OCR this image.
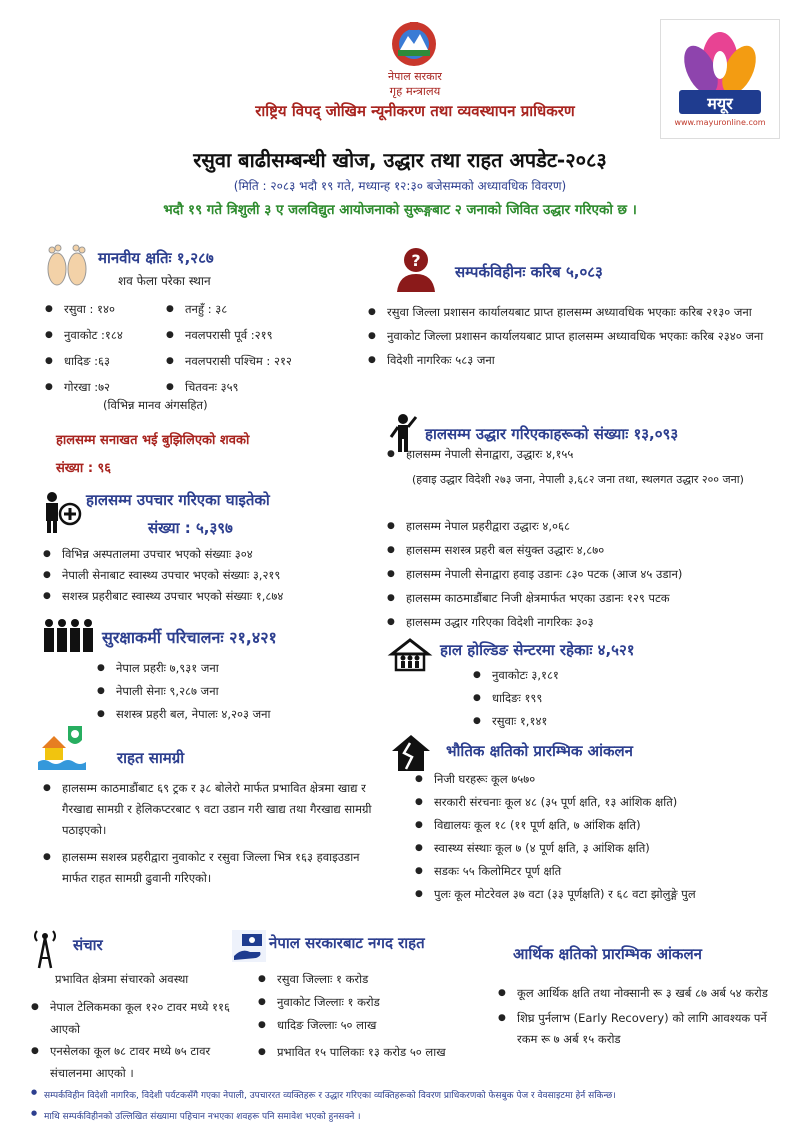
नेपाल सरकार
गृह मन्त्रालय
राष्ट्रिय विपद् जोखिम न्यूनीकरण तथा व्यवस्थापन प्राधिकरण	मयूर
www.mayuronline.com
रसुवा बाढीसम्बन्धी खोज, उद्धार तथा राहत अपडेट-२०८३
(मिति : २०८३ भदौ १९ गते, मध्यान्ह १२:३० बजेसम्मको अध्यावधिक विवरण)
भदौ १९ गते त्रिशुली ३ ए जलविद्युत आयोजनाको सुरूङ्गबाट २ जनाको जिवित उद्धार गरिएको छ ।
मानवीय क्षतिः १,२८७
शव फेला परेका स्थान
● रसुवा : १४०
● नुवाकोट :१८४
● धादिङ :६३
● गोरखा :७२
● तनहुँ : ३८
● नवलपरासी पूर्व :२१९
● नवलपरासी पश्चिम : २१२
● चितवनः ३५९
(विभिन्न मानव अंगसहित)
हालसम्म सनाखत भई बुझिलिएको शवको
संख्या : ९६
हालसम्म उपचार गरिएका घाइतेको
संख्या : ५,३९७
● विभिन्न अस्पतालमा उपचार भएको संख्याः ३०४
● नेपाली सेनाबाट स्वास्थ्य उपचार भएको संख्याः ३,२१९
● सशस्त्र प्रहरीबाट स्वास्थ्य उपचार भएको संख्याः १,८७४
सुरक्षाकर्मी परिचालनः २१,४२१
● नेपाल प्रहरीः ७,९३१ जना
● नेपाली सेनाः ९,२८७ जना
● सशस्त्र प्रहरी बल, नेपालः ४,२०३ जना
राहत सामग्री
● हालसम्म काठमाडौंबाट ६९ ट्रक र ३८ बोलेरो मार्फत प्रभावित क्षेत्रमा खाद्य र गैरखाद्य सामग्री र हेलिकप्टरबाट ९ वटा उडान गरी खाद्य तथा गैरखाद्य सामग्री पठाइएको।
● हालसम्म सशस्त्र प्रहरीद्वारा नुवाकोट र रसुवा जिल्ला भित्र १६३ हवाइउडान मार्फत राहत सामग्री ढुवानी गरिएको।
?
सम्पर्कविहीनः करिब ५,०८३
● रसुवा जिल्ला प्रशासन कार्यालयबाट प्राप्त हालसम्म अध्यावधिक भएकाः करिब २१३० जना
● नुवाकोट जिल्ला प्रशासन कार्यालयबाट प्राप्त हालसम्म अध्यावधिक भएकाः करिब २३४० जना
● विदेशी नागरिकः ५८३ जना
हालसम्म उद्धार गरिएकाहरूको संख्याः १३,०९३
● हालसम्म नेपाली सेनाद्वारा, उद्धारः ४,१५५
(हवाइ उद्धार विदेशी २७३ जना, नेपाली ३,६८२ जना तथा, स्थलगत उद्धार २०० जना)
● हालसम्म नेपाल प्रहरीद्वारा उद्धारः ४,०६८
● हालसम्म सशस्त्र प्रहरी बल संयुक्त उद्धारः ४,८७०
● हालसम्म नेपाली सेनाद्वारा हवाइ उडानः ८३० पटक (आज ४५ उडान)
● हालसम्म काठमाडौंबाट निजी क्षेत्रमार्फत भएका उडानः १२९ पटक
● हालसम्म उद्धार गरिएका विदेशी नागरिकः ३०३
हाल होल्डिङ सेन्टरमा रहेकाः ४,५२१
● नुवाकोटः ३,१८१
● धादिङः १९९
● रसुवाः १,१४१
भौतिक क्षतिको प्रारम्भिक आंकलन
● निजी घरहरूः कूल ७५७०
● सरकारी संरचनाः कूल ४८ (३५ पूर्ण क्षति, १३ आंशिक क्षति)
● विद्यालयः कूल १८ (११ पूर्ण क्षति, ७ आंशिक क्षति)
● स्वास्थ्य संस्थाः कूल ७ (४ पूर्ण क्षति, ३ आंशिक क्षति)
● सडकः ५५ किलोमिटर पूर्ण क्षति
● पुलः कूल मोटरेवल ३७ वटा (३३ पूर्णक्षति) र ६८ वटा झोलुङ्गे पुल
संचार
प्रभावित क्षेत्रमा संचारको अवस्था
● नेपाल टेलिकमका कूल १२० टावर मध्ये ११६ आएको
● एनसेलका कूल ७८ टावर मध्ये ७५ टावर संचालनमा आएको ।
नेपाल सरकारबाट नगद राहत
● रसुवा जिल्लाः १ करोड
● नुवाकोट जिल्लाः १ करोड
● धादिङ जिल्लाः ५० लाख
● प्रभावित १५ पालिकाः १३ करोड ५० लाख
आर्थिक क्षतिको प्रारम्भिक आंकलन
● कूल आर्थिक क्षति तथा नोक्सानी रू ३ खर्ब ८७ अर्ब ५४ करोड
● शिघ्र पुर्नलाभ (Early Recovery) को लागि आवश्यक पर्ने रकम रू ७ अर्ब १५ करोड
सम्पर्कविहीन विदेशी नागरिक, विदेशी पर्यटकसँगै गएका नेपाली, उपचाररत व्यक्तिहरू र उद्धार गरिएका व्यक्तिहरूको विवरण प्राधिकरणको फेसबुक पेज र वेवसाइटमा हेर्न सकिन्छ।
माथि सम्पर्कविहीनको उल्लिखित संख्यामा पहिचान नभएका शवहरू पनि समावेश भएको हुनसक्ने ।
●
●
